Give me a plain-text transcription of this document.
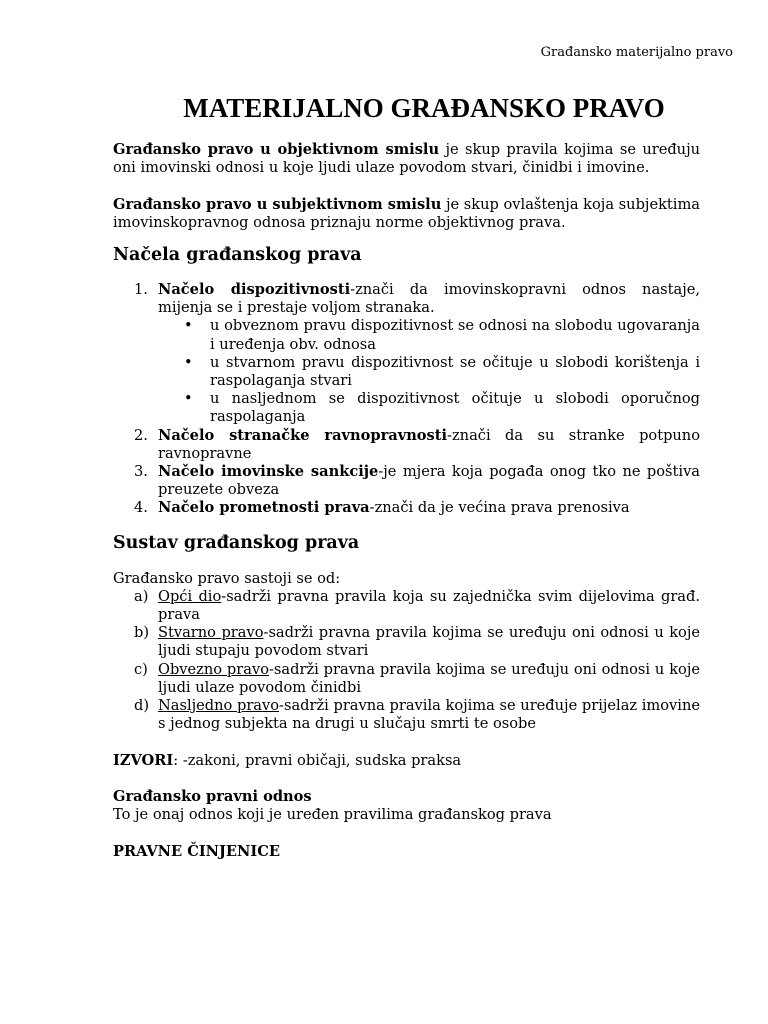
Građansko materijalno pravo
MATERIJALNO GRAĐANSKO PRAVO

Građansko pravo u objektivnom smislu je skup pravila kojima se uređuju oni imovinski odnosi u koje ljudi ulaze povodom stvari, činidbi i imovine.

Građansko pravo u subjektivnom smislu je skup ovlaštenja koja subjektima imovinskopravnog odnosa priznaju norme objektivnog prava.

Načela građanskog prava
1. Načelo dispozitivnosti-znači da imovinskopravni odnos nastaje, mijenja se i prestaje voljom stranaka.
• u obveznom pravu dispozitivnost se odnosi na slobodu ugovaranja i uređenja obv. odnosa
• u stvarnom pravu dispozitivnost se očituje u slobodi korištenja i raspolaganja stvari
• u nasljednom se dispozitivnost očituje u slobodi oporučnog raspolaganja
2. Načelo stranačke ravnopravnosti-znači da su stranke potpuno ravnopravne
3. Načelo imovinske sankcije-je mjera koja pogađa onog tko ne poštiva preuzete obveza
4. Načelo prometnosti prava-znači da je većina prava prenosiva
Sustav građanskog prava

Građansko pravo sastoji se od:

a) Opći dio-sadrži pravna pravila koja su zajednička svim dijelovima građ. prava
b) Stvarno pravo-sadrži pravna pravila kojima se uređuju oni odnosi u koje ljudi stupaju povodom stvari
c) Obvezno pravo-sadrži pravna pravila kojima se uređuju oni odnosi u koje ljudi ulaze povodom činidbi
d) Nasljedno pravo-sadrži pravna pravila kojima se uređuje prijelaz imovine s jednog subjekta na drugi u slučaju smrti te osobe

IZVORI: -zakoni, pravni običaji, sudska praksa

Građansko pravni odnos

To je onaj odnos koji je uređen pravilima građanskog prava

PRAVNE ČINJENICE
